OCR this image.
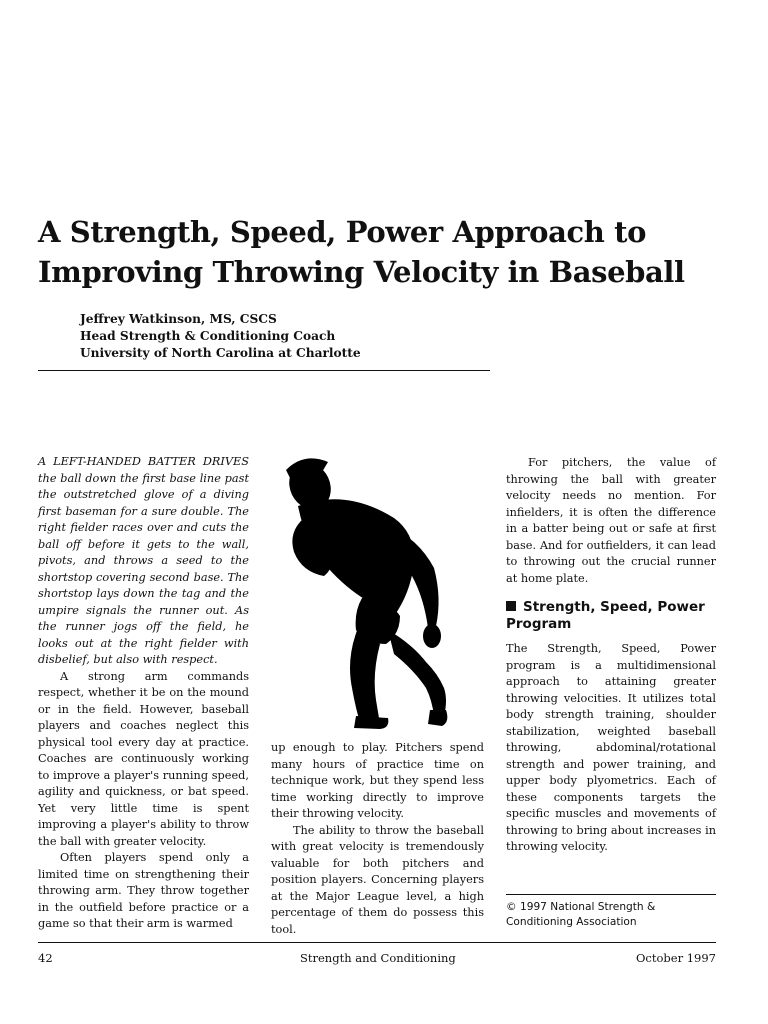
A Strength, Speed, Power Approach to Improving Throwing Velocity in Baseball
Jeffrey Watkinson, MS, CSCS
Head Strength & Conditioning Coach
University of North Carolina at Charlotte

A LEFT-HANDED BATTER DRIVES the ball down the first base line past the outstretched glove of a diving first baseman for a sure double. The right fielder races over and cuts the ball off before it gets to the wall, pivots, and throws a seed to the shortstop covering second base. The shortstop lays down the tag and the umpire signals the runner out. As the runner jogs off the field, he looks out at the right fielder with disbelief, but also with respect.

A strong arm commands respect, whether it be on the mound or in the field. However, baseball players and coaches neglect this physical tool every day at practice. Coaches are continuously working to improve a player's running speed, agility and quickness, or bat speed. Yet very little time is spent improving a player's ability to throw the ball with greater velocity.

Often players spend only a limited time on strengthening their throwing arm. They throw together in the outfield before practice or a game so that their arm is warmed

up enough to play. Pitchers spend many hours of practice time on technique work, but they spend less time working directly to improve their throwing velocity.

The ability to throw the baseball with great velocity is tremendously valuable for both pitchers and position players. Concerning players at the Major League level, a high percentage of them do possess this tool.

For pitchers, the value of throwing the ball with greater velocity needs no mention. For infielders, it is often the difference in a batter being out or safe at first base. And for outfielders, it can lead to throwing out the crucial runner at home plate.

Strength, Speed, Power Program

The Strength, Speed, Power program is a multidimensional approach to attaining greater throwing velocities. It utilizes total body strength training, shoulder stabilization, weighted baseball throwing, abdominal/rotational strength and power training, and upper body plyometrics. Each of these components targets the specific muscles and movements of throwing to bring about increases in throwing velocity.

© 1997 National Strength & Conditioning Association
42	Strength and Conditioning	October 1997
